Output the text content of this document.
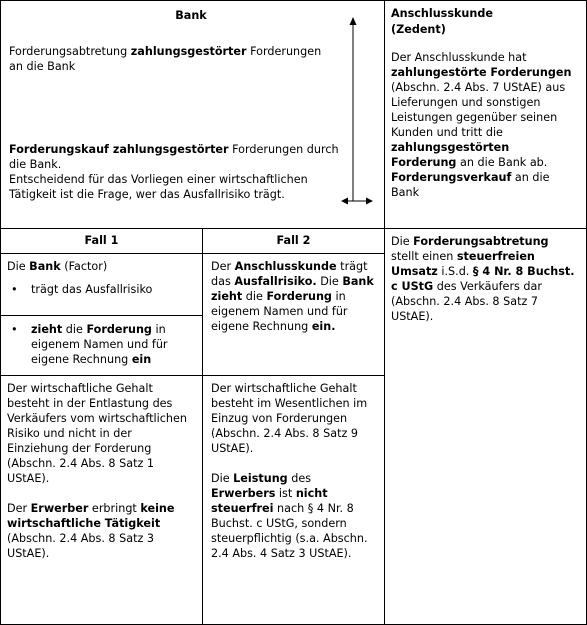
Bank

Forderungsabtretung zahlungsgestörter Forderungen an die Bank

Forderungskauf zahlungsgestörter Forderungen durch die Bank.
Entscheidend für das Vorliegen einer wirtschaftlichen Tätigkeit ist die Frage, wer das Ausfallrisiko trägt.

Anschlusskunde
(Zedent)

Der Anschlusskunde hat zahlungestörte Forderungen (Abschn. 2.4 Abs. 7 UStAE) aus Lieferungen und sonstigen Leistungen gegenüber seinen Kunden und tritt die zahlungsgestörten Forderung an die Bank ab.
Forderungsverkauf an die Bank

Fall 1	Fall 2

Die Bank (Factor)

• trägt das Ausfallrisiko
• zieht die Forderung in eigenem Namen und für eigene Rechnung ein

Der Anschlusskunde trägt das Ausfallrisiko. Die Bank zieht die Forderung in eigenem Namen und für eigene Rechnung ein.

Der wirtschaftliche Gehalt besteht in der Entlastung des Verkäufers vom wirtschaftlichen Risiko und nicht in der Einziehung der Forderung (Abschn. 2.4 Abs. 8 Satz 1 UStAE).

Der Erwerber erbringt keine wirtschaftliche Tätigkeit (Abschn. 2.4 Abs. 8 Satz 3 UStAE).

Der wirtschaftliche Gehalt besteht im Wesentlichen im Einzug von Forderungen (Abschn. 2.4 Abs. 8 Satz 9 UStAE).

Die Leistung des Erwerbers ist nicht steuerfrei nach § 4 Nr. 8 Buchst. c UStG, sondern steuerpflichtig (s.a. Abschn. 2.4 Abs. 4 Satz 3 UStAE).

Die Forderungsabtretung stellt einen steuerfreien Umsatz i.S.d. § 4 Nr. 8 Buchst. c UStG des Verkäufers dar (Abschn. 2.4 Abs. 8 Satz 7 UStAE).
